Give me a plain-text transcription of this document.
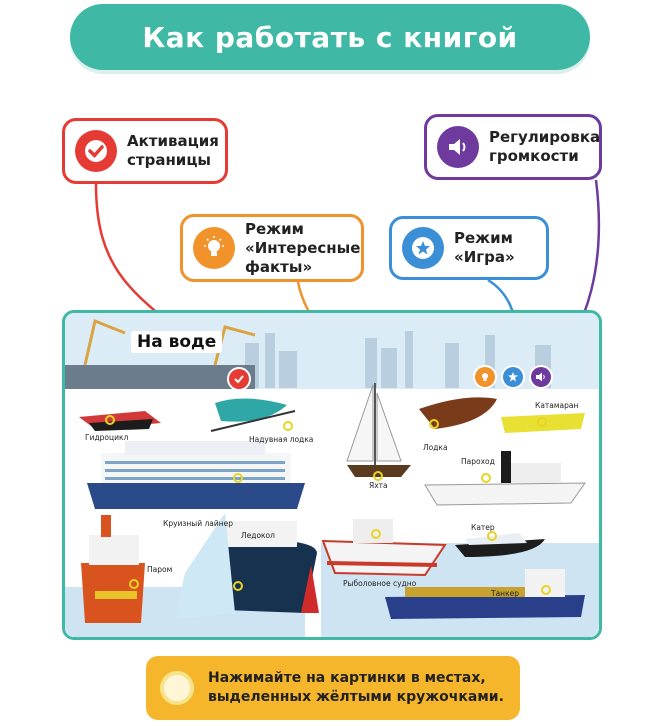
Как работать с книгой
Активация
страницы
Регулировка
громкости
Режим
«Интересные
факты»
Режим
«Игра»
На воде
Гидроцикл	Надувная лодка
Круизный лайнер
Паром
Ледокол
Яхта
Лодка
Катамаран
Пароход
Катер
Рыболовное судно
Танкер
Нажимайте на картинки в местах,
выделенных жёлтыми кружочками.
